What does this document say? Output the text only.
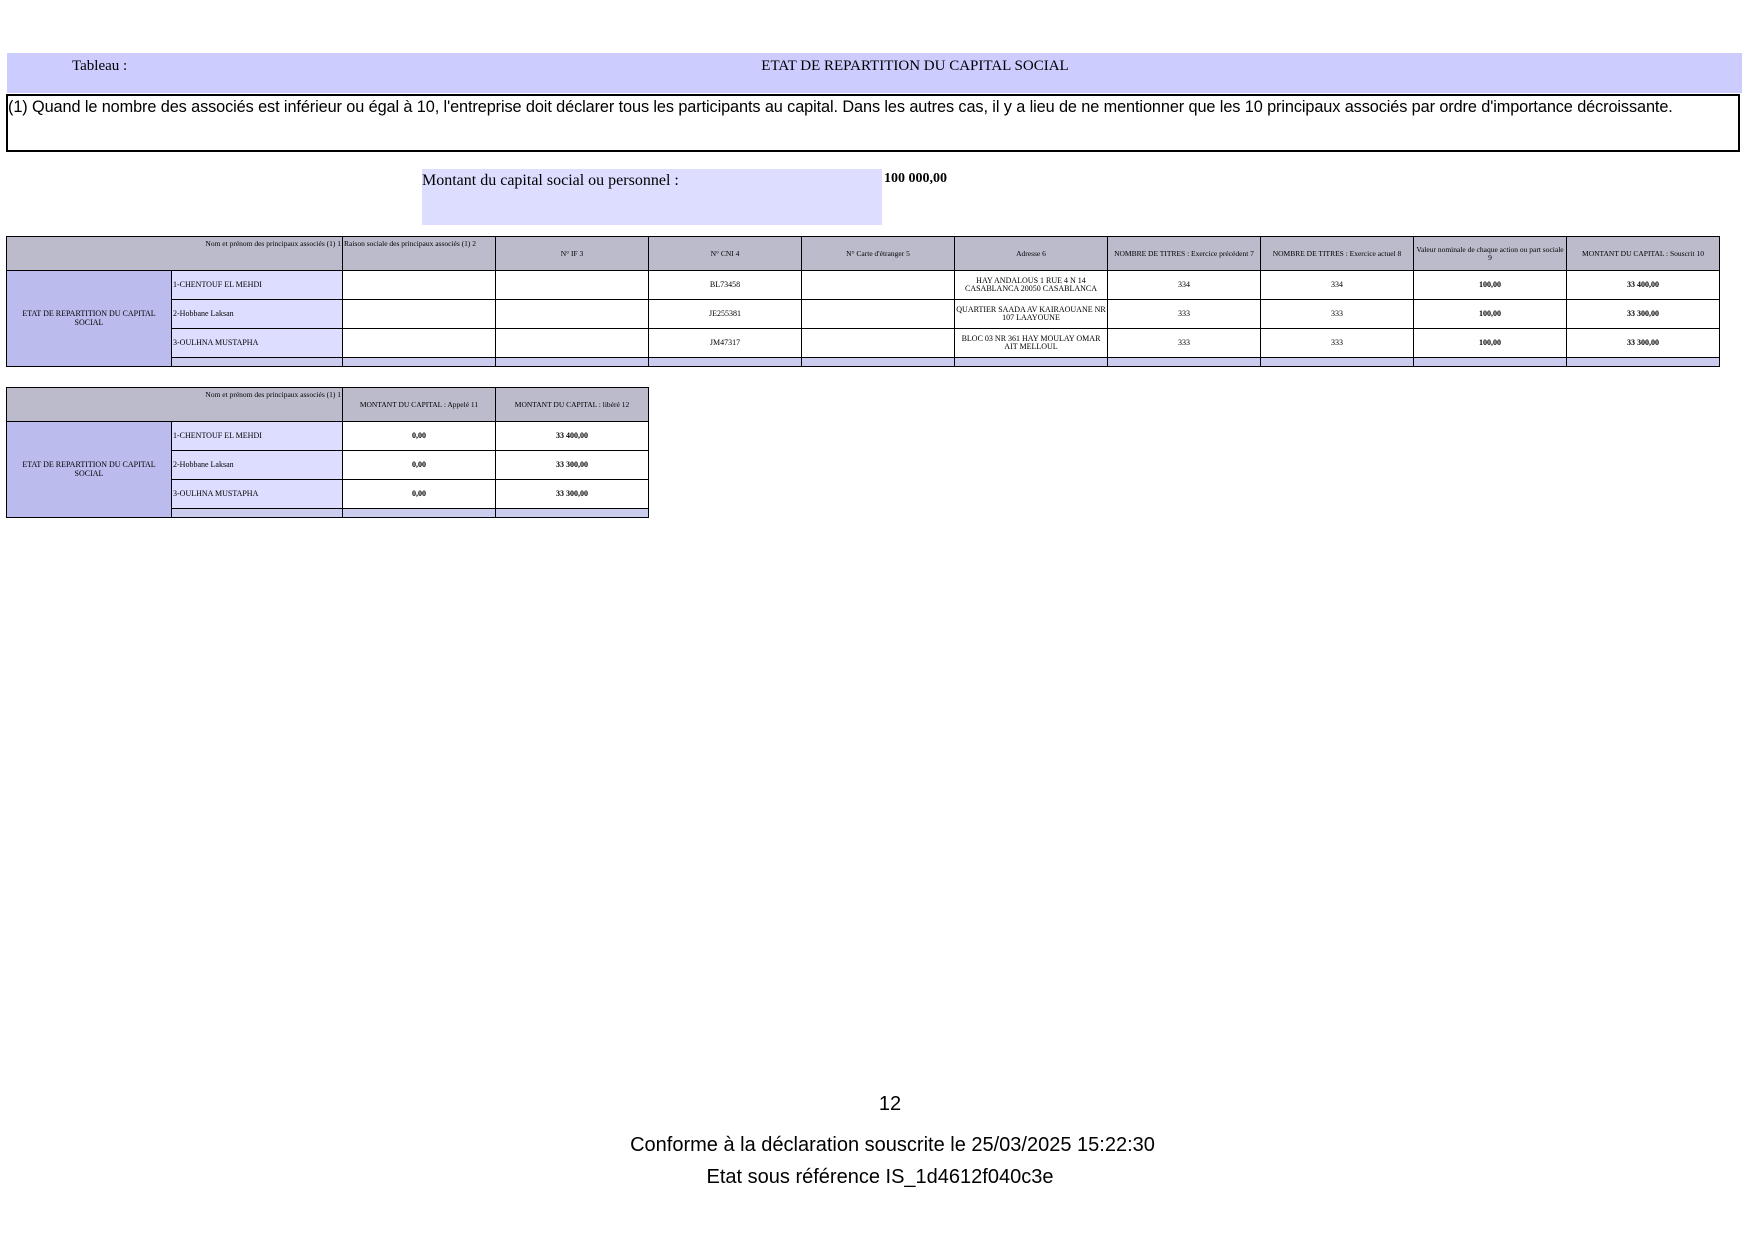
Tableau :	ETAT DE REPARTITION DU CAPITAL SOCIAL
(1) Quand le nombre des associés est inférieur ou égal à 10, l'entreprise doit déclarer tous les participants au capital. Dans les autres cas, il y a lieu de ne mentionner que les 10 principaux associés par ordre d'importance décroissante.
Montant du capital social ou personnel :	100 000,00
Nom et prénom des principaux associés (1) 1		Raison sociale des principaux associés (1) 2	N° IF 3	N° CNI 4	N° Carte d'étranger 5	Adresse 6	NOMBRE DE TITRES : Exercice précédent 7	NOMBRE DE TITRES : Exercice actuel 8	Valeur nominale de chaque action ou part sociale 9	MONTANT DU CAPITAL : Souscrit 10
ETAT DE REPARTITION DU CAPITAL SOCIAL	1-CHENTOUF EL MEHDI			BL73458		HAY ANDALOUS 1 RUE 4 N 14 CASABLANCA 20050 CASABLANCA	334	334	100,00	33 400,00
	2-Hobbane Laksan			JE255381		QUARTIER SAADA AV KAIRAOUANE NR 107 LAAYOUNE	333	333	100,00	33 300,00
	3-OULHNA MUSTAPHA			JM47317		BLOC 03 NR 361 HAY MOULAY OMAR AIT MELLOUL	333	333	100,00	33 300,00

Nom et prénom des principaux associés (1) 1		MONTANT DU CAPITAL : Appelé 11	MONTANT DU CAPITAL : libéré 12
ETAT DE REPARTITION DU CAPITAL SOCIAL	1-CHENTOUF EL MEHDI	0,00	33 400,00
	2-Hobbane Laksan	0,00	33 300,00
	3-OULHNA MUSTAPHA	0,00	33 300,00

12
Conforme à la déclaration souscrite le 25/03/2025 15:22:30
Etat sous référence IS_1d4612f040c3e
